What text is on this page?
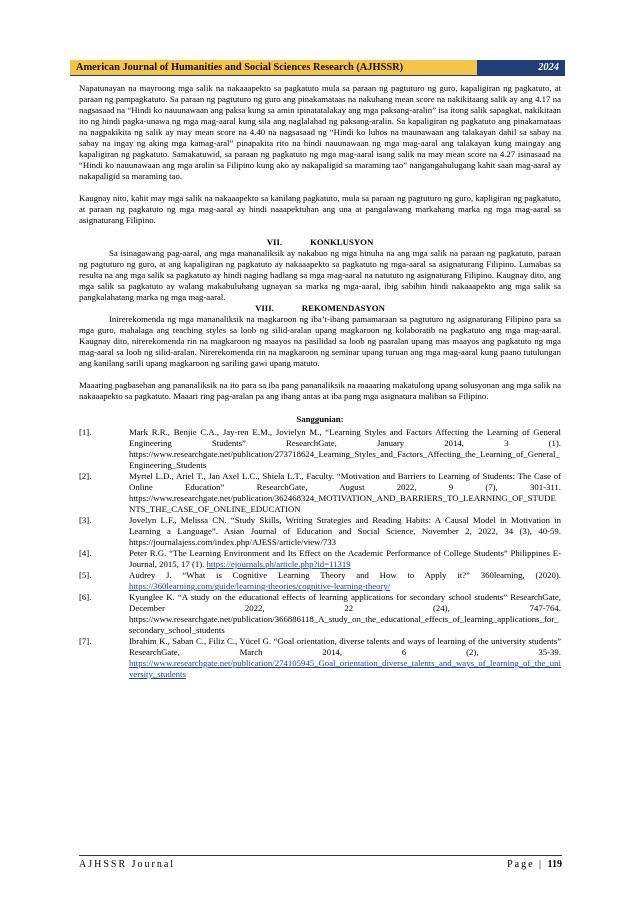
American Journal of Humanities and Social Sciences Research (AJHSSR)	2024

Napatunayan na mayroong mga salik na nakaaapekto sa pagkatuto mula sa paraan ng pagtuturo ng guro, kapaligiran ng pagkatuto, at paraan ng pampagkatuto. Sa paraan ng pagtuturo ng guro ang pinakamataas na nakuhang mean score na nakikitaang salik ay ang 4.17 na nagsasaad na “Hindi ko nauunawaan ang paksa kung sa amin ipinatatalakay ang mga paksang-aralin” isa itong salik sapagkat, nakikitaan ito ng hindi pagka-unawa ng mga mag-aaral kung sila ang naglalahad ng paksang-aralin. Sa kapaligiran ng pagkatuto ang pinakamataas na nagpakikita ng salik ay may mean score na 4.40 na nagsasaad ng “Hindi ko lubos na maunawaan ang talakayan dahil sa sabay na sabay na ingay ng aking mga kamag-aral” pinapakita rito na hindi nauunawaan ng mga mag-aaral ang talakayan kung maingay ang kapaligiran ng pagkatuto. Samakatuwid, sa paraan ng pagkatuto ng mga mag-aaral isang salik na may mean score na 4.27 isinasaad na “Hindi ko nauunawaan ang mga aralin sa Filipino kung ako ay nakapaligid sa maraming tao” nangangahulugang kahit saan mag-aaral ay nakapaligid sa maraming tao.

Kaugnay nito, kahit may mga salik na nakaaapekto sa kanilang pagkatuto, mula sa paraan ng pagtuturo ng guro, kapligiran ng pagkatuto, at paraan ng pagkatuto ng mga mag-aaral ay hindi naaapektuhan ang una at pangalawang markahang marka ng mga mag-aaral sa asignaturang Filipino.

VII.	KONKLUSYON

Sa isinagawang pag-aaral, ang mga mananaliksik ay nakabuo ng mga hinuha na ang mga salik na paraan ng pagkatuto, paraan ng pagtuturo ng guro, at ang kapaligiran ng pagkatuto ay nakaaapekto sa pagkatuto ng mga-aaral sa asignaturang Filipino. Lumabas sa resulta na ang mga salik sa pagkatuto ay hindi naging hadlang sa mga mag-aaral na natututo ng asignaturang Filipino. Kaugnay dito, ang mga salik sa pagkatuto ay walang makabuluhang ugnayan sa marka ng mga-aaral, ibig sabihin hindi nakaaapekto ang mga salik sa pangkalahatang marka ng mga mag-aaral.

VIII.	REKOMENDASYON

Inirerekomenda ng mga mananaliksik na magkaroon ng iba’t-ibang pamamaraan sa pagtuturo ng asignaturang Filipino para sa mga guro, mahalaga ang teaching styles sa loob ng silid-aralan upang magkaroon ng kolaboratib na pagkatuto ang mga mag-aaral. Kaugnay dito, nirerekomenda rin na magkaroon ng maayos na pasilidad sa loob ng paaralan upang mas maayos ang pagkatuto ng mga mag-aaral sa loob ng silid-aralan. Nirerekomenda rin na magkaroon ng seminar upang turuan ang mga mag-aaral kung paano tutulungan ang kanilang sarili upang magkaroon ng sariling gawi upang matuto.

Maaaring pagbasehan ang pananaliksik na ito para sa iba pang pananaliksik na maaaring makatulong upang solusyonan ang mga salik na nakaaapekto sa pagkatuto. Maaari ring pag-aralan pa ang ibang antas at iba pang mga asignatura maliban sa Filipino.

Sanggunian:
[1].	Mark R.R., Benjie C.A., Jay-ren E.M., Jovielyn M., “Learning Styles and Factors Affecting the Learning of General Engineering Students” ResearchGate, January 2014, 3 (1). https://www.researchgate.net/publication/273718624_Learning_Styles_and_Factors_Affecting_the_Learning_of_General_Engineering_Students
[2].	Myrtel L.D., Ariel T., Jan Axel L.C., Shiela L.T., Faculty. “Motivation and Barriers to Learning of Students: The Case of Online Education” ResearchGate, August 2022, 9 (7), 301-311. https://www.researchgate.net/publication/362468324_MOTIVATION_AND_BARRIERS_TO_LEARNING_OF_STUDENTS_THE_CASE_OF_ONLINE_EDUCATION
[3].	Jovelyn L.F., Melissa CN. “Study Skills, Writing Strategies and Reading Habits: A Causal Model in Motivation in Learning a Language”. Asian Journal of Education and Social Science, November 2, 2022, 34 (3), 40-59. https://journalajess.com/index.php/AJESS/article/view/733
[4].	Peter R.G. “The Learning Environment and Its Effect on the Academic Performance of College Students” Philippines E-Journal, 2015, 17 (1). https://ejournals.ph/article.php?id=11319
[5].	Audrey J. “What is Cognitive Learning Theory and How to Apply it?” 360learning, (2020). https://360learning.com/guide/learning-theories/cognitive-learning-theory/
[6].	Kyunglee K. “A study on the educational effects of learning applications for secondary school students” ResearchGate, December 2022, 22 (24), 747-764. https://www.researchgate.net/publication/366886118_A_study_on_the_educational_effects_of_learning_applications_for_secondary_school_students
[7].	Ibrahim K., Saban C., Filiz C., Yücel G. “Goal orientation, diverse talents and ways of learning of the university students” ResearchGate, March 2014, 6 (2), 35-39. https://www.researchgate.net/publication/274105945_Goal_orientation_diverse_talents_and_ways_of_learning_of_the_university_students
AJHSSR Journal	Page | 119
